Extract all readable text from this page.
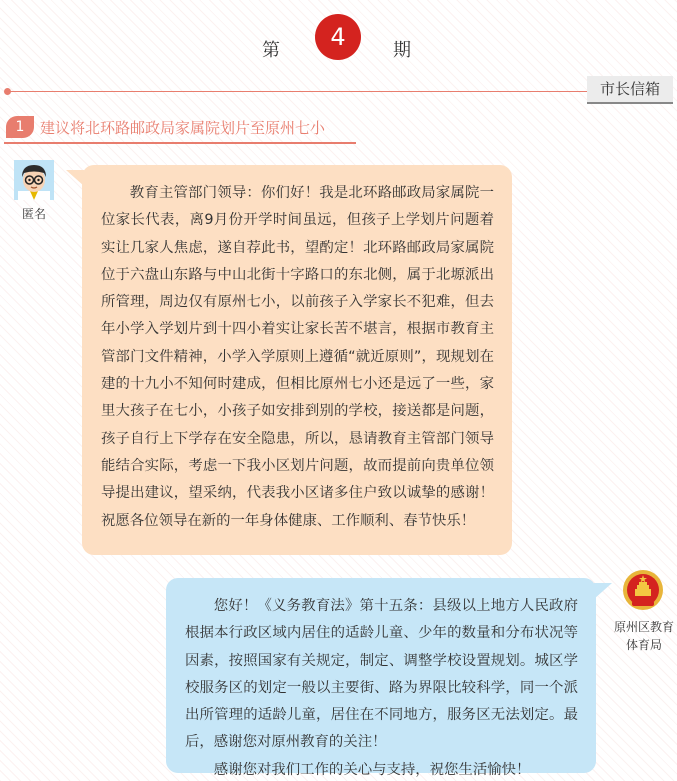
第	4	期
市长信箱
1	建议将北环路邮政局家属院划片至原州七小
匿名

教育主管部门领导：你们好！我是北环路邮政局家属院一位家长代表，离9月份开学时间虽远，但孩子上学划片问题着实让几家人焦虑，遂自荐此书，望酌定！北环路邮政局家属院位于六盘山东路与中山北街十字路口的东北侧，属于北塬派出所管理，周边仅有原州七小，以前孩子入学家长不犯难，但去年小学入学划片到十四小着实让家长苦不堪言，根据市教育主管部门文件精神，小学入学原则上遵循“就近原则”，现规划在建的十九小不知何时建成，但相比原州七小还是远了一些，家里大孩子在七小，小孩子如安排到别的学校，接送都是问题，孩子自行上下学存在安全隐患，所以，恳请教育主管部门领导能结合实际，考虑一下我小区划片问题，故而提前向贵单位领导提出建议，望采纳，代表我小区诸多住户致以诚挚的感谢！祝愿各位领导在新的一年身体健康、工作顺利、春节快乐！

您好！《义务教育法》第十五条：县级以上地方人民政府根据本行政区域内居住的适龄儿童、少年的数量和分布状况等因素，按照国家有关规定，制定、调整学校设置规划。城区学校服务区的划定一般以主要街、路为界限比较科学，同一个派出所管理的适龄儿童，居住在不同地方，服务区无法划定。最后，感谢您对原州教育的关注！

感谢您对我们工作的关心与支持，祝您生活愉快！

原州区教育体育局
